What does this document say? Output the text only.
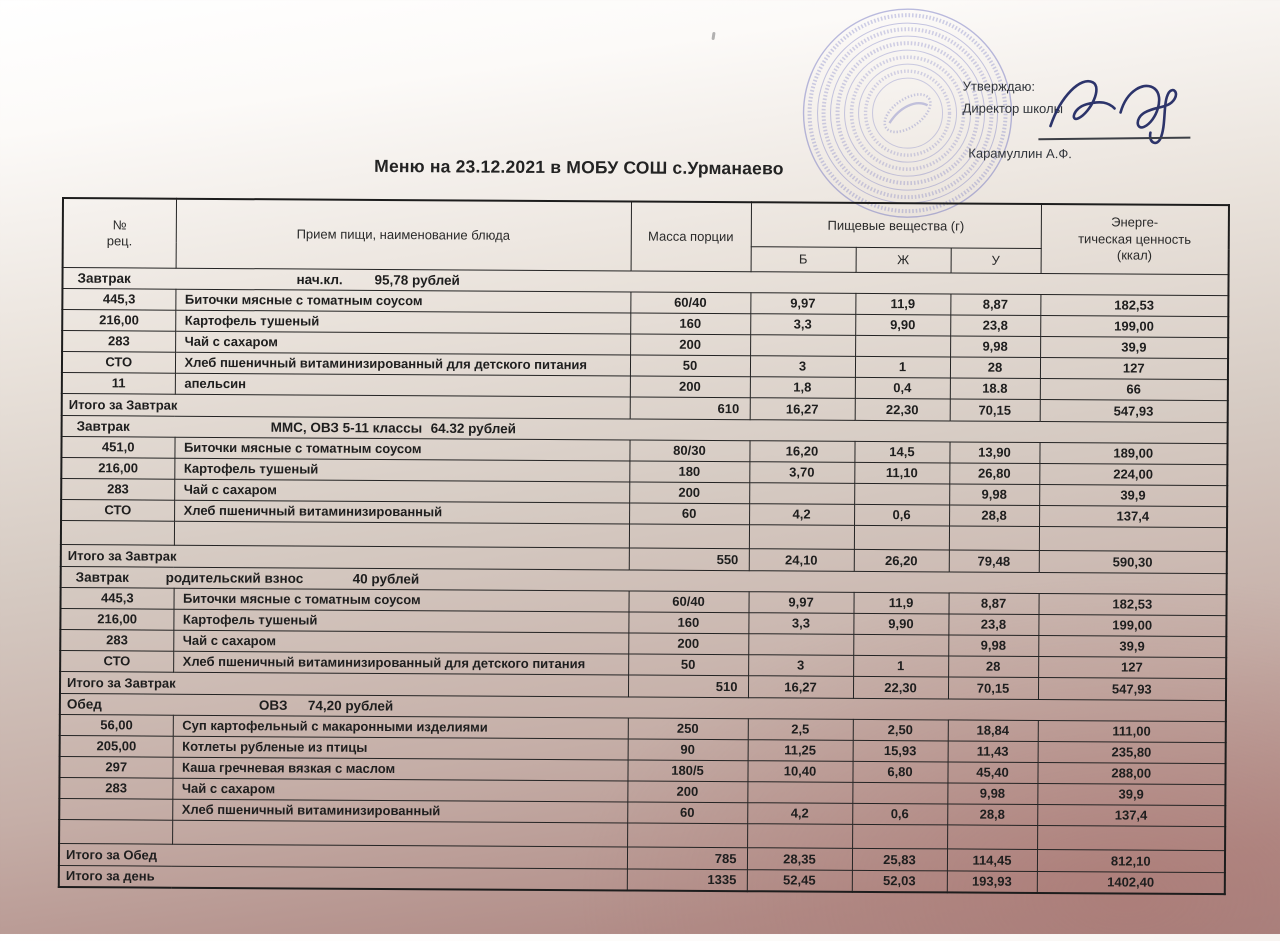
Утверждаю:
Директор школы
Карамуллин А.Ф.
Меню на 23.12.2021 в МОБУ СОШ с.Урманаево
№
рец.	Прием пищи, наименование блюда	Масса порции	Пищевые вещества (г)			Энерге-
тическая ценность
(ккал)
			Б	Ж	У	

Завтрак нач.кл. 95,78 рублей						

445,3	Биточки мясные с томатным соусом	60/40	9,97	11,9	8,87	182,53
216,00	Картофель тушеный	160	3,3	9,90	23,8	199,00
283	Чай с сахаром	200			9,98	39,9
СТО	Хлеб пшеничный витаминизированный для детского питания	50	3	1	28	127
11	апельсин	200	1,8	0,4	18.8	66
Итого за Завтрак		610	16,27	22,30	70,15	547,93

Завтрак ММС, ОВЗ 5-11 классы 64.32 рублей						

451,0	Биточки мясные с томатным соусом	80/30	16,20	14,5	13,90	189,00
216,00	Картофель тушеный	180	3,70	11,10	26,80	224,00
283	Чай с сахаром	200			9,98	39,9
СТО	Хлеб пшеничный витаминизированный	60	4,2	0,6	28,8	137,4

Итого за Завтрак		550	24,10	26,20	79,48	590,30

Завтрак родительский взнос 40 рублей						

445,3	Биточки мясные с томатным соусом	60/40	9,97	11,9	8,87	182,53
216,00	Картофель тушеный	160	3,3	9,90	23,8	199,00
283	Чай с сахаром	200			9,98	39,9
СТО	Хлеб пшеничный витаминизированный для детского питания	50	3	1	28	127
Итого за Завтрак		510	16,27	22,30	70,15	547,93

Обед ОВЗ 74,20 рублей						

56,00	Суп картофельный с макаронными изделиями	250	2,5	2,50	18,84	111,00
205,00	Котлеты рубленые из птицы	90	11,25	15,93	11,43	235,80
297	Каша гречневая вязкая с маслом	180/5	10,40	6,80	45,40	288,00
283	Чай с сахаром	200			9,98	39,9
	Хлеб пшеничный витаминизированный	60	4,2	0,6	28,8	137,4

Итого за Обед		785	28,35	25,83	114,45	812,10
Итого за день		1335	52,45	52,03	193,93	1402,40
